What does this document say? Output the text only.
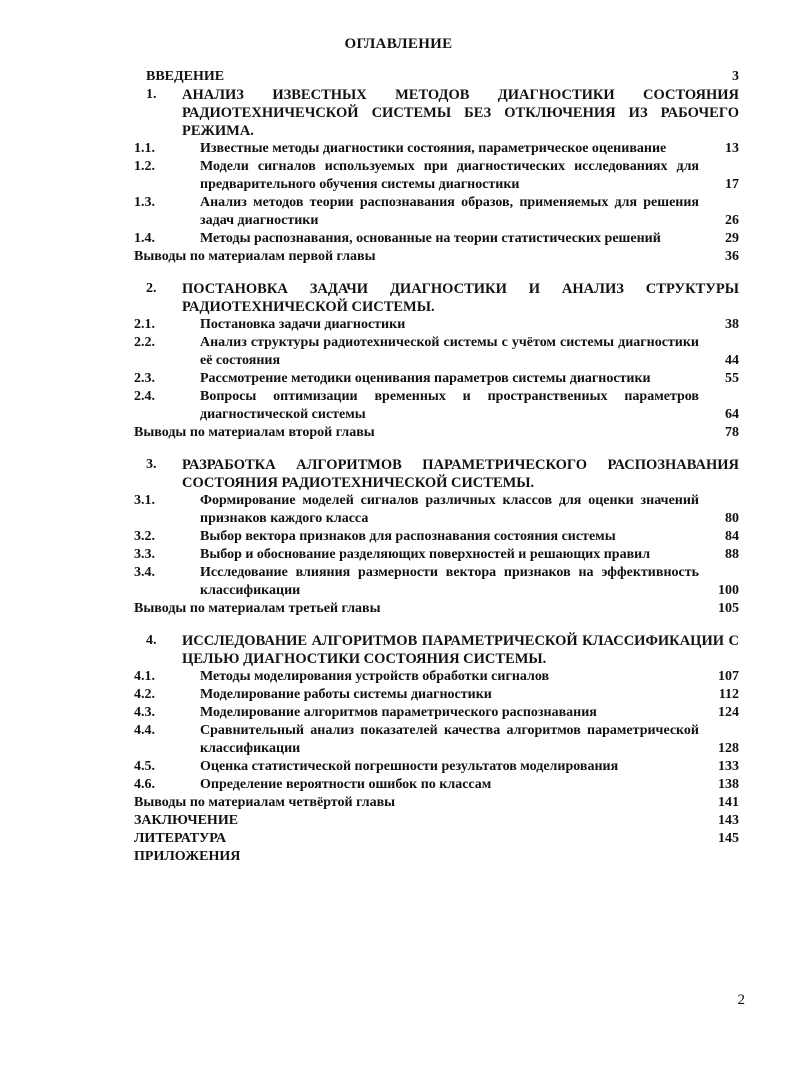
ОГЛАВЛЕНИЕ
ВВЕДЕНИЕ	3
1.	АНАЛИЗ ИЗВЕСТНЫХ МЕТОДОВ ДИАГНОСТИКИ СОСТОЯНИЯ РАДИОТЕХНИЧЕЧСКОЙ СИСТЕМЫ БЕЗ ОТКЛЮЧЕНИЯ ИЗ РАБОЧЕГО РЕЖИМА.
1.1.	Известные методы диагностики состояния, параметрическое оценивание	13
1.2.	Модели сигналов используемых при диагностических исследованиях для предварительного обучения системы диагностики	17
1.3.	Анализ методов теории распознавания образов, применяемых для решения задач диагностики	26
1.4.	Методы распознавания, основанные на теории статистических решений	29
Выводы по материалам первой главы	36
2.	ПОСТАНОВКА ЗАДАЧИ ДИАГНОСТИКИ И АНАЛИЗ СТРУКТУРЫ РАДИОТЕХНИЧЕСКОЙ СИСТЕМЫ.
2.1.	Постановка задачи диагностики	38
2.2.	Анализ структуры радиотехнической системы с учётом системы диагностики её состояния	44
2.3.	Рассмотрение методики оценивания параметров системы диагностики	55
2.4.	Вопросы оптимизации временных и пространственных параметров диагностической системы	64
Выводы по материалам второй главы	78
3.	РАЗРАБОТКА АЛГОРИТМОВ ПАРАМЕТРИЧЕСКОГО РАСПОЗНАВАНИЯ СОСТОЯНИЯ РАДИОТЕХНИЧЕСКОЙ СИСТЕМЫ.
3.1.	Формирование моделей сигналов различных классов для оценки значений признаков каждого класса	80
3.2.	Выбор вектора признаков для распознавания состояния системы	84
3.3.	Выбор и обоснование разделяющих поверхностей и решающих правил	88
3.4.	Исследование влияния размерности вектора признаков на эффективность классификации	100
Выводы по материалам третьей главы	105
4.	ИССЛЕДОВАНИЕ АЛГОРИТМОВ ПАРАМЕТРИЧЕСКОЙ КЛАССИФИКАЦИИ С ЦЕЛЬЮ ДИАГНОСТИКИ СОСТОЯНИЯ СИСТЕМЫ.
4.1.	Методы моделирования устройств обработки сигналов	107
4.2.	Моделирование работы системы диагностики	112
4.3.	Моделирование алгоритмов параметрического распознавания	124
4.4.	Сравнительный анализ показателей качества алгоритмов параметрической классификации	128
4.5.	Оценка статистической погрешности результатов моделирования	133
4.6.	Определение вероятности ошибок по классам	138
Выводы по материалам четвёртой главы	141
ЗАКЛЮЧЕНИЕ	143
ЛИТЕРАТУРА	145
ПРИЛОЖЕНИЯ
2
